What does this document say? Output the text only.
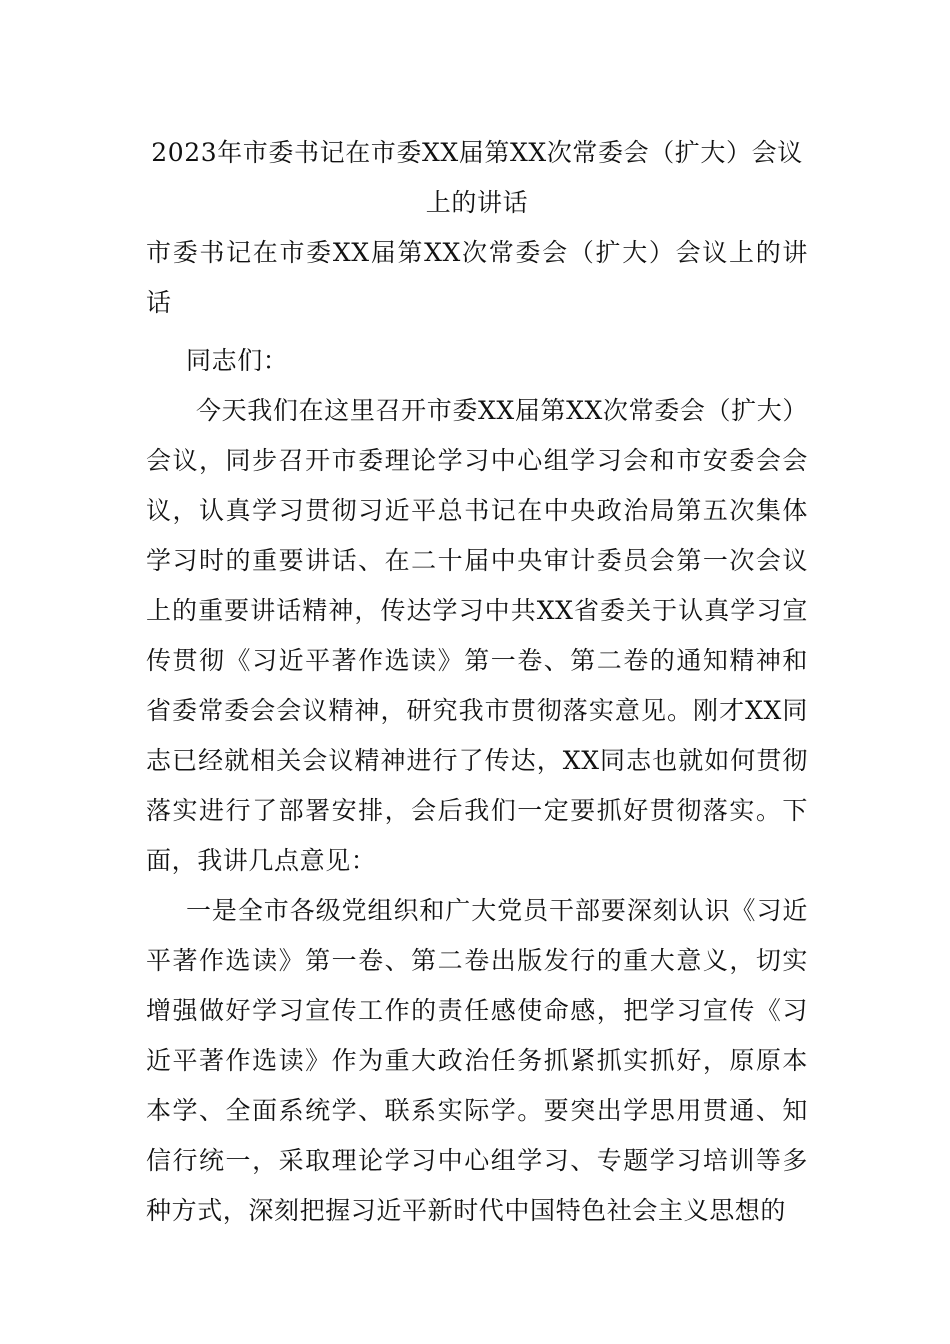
2023年市委书记在市委XX届第XX次常委会（扩大）会议上的讲话

市委书记在市委XX届第XX次常委会（扩大）会议上的讲话

同志们：

今天我们在这里召开市委XX届第XX次常委会（扩大）会议，同步召开市委理论学习中心组学习会和市安委会会议，认真学习贯彻习近平总书记在中央政治局第五次集体学习时的重要讲话、在二十届中央审计委员会第一次会议上的重要讲话精神，传达学习中共XX省委关于认真学习宣传贯彻《习近平著作选读》第一卷、第二卷的通知精神和省委常委会会议精神，研究我市贯彻落实意见。刚才XX同志已经就相关会议精神进行了传达，XX同志也就如何贯彻落实进行了部署安排，会后我们一定要抓好贯彻落实。下面，我讲几点意见：

一是全市各级党组织和广大党员干部要深刻认识《习近平著作选读》第一卷、第二卷出版发行的重大意义，切实增强做好学习宣传工作的责任感使命感，把学习宣传《习近平著作选读》作为重大政治任务抓紧抓实抓好，原原本本学、全面系统学、联系实际学。要突出学思用贯通、知信行统一，采取理论学习中心组学习、专题学习培训等多种方式，深刻把握习近平新时代中国特色社会主义思想的
